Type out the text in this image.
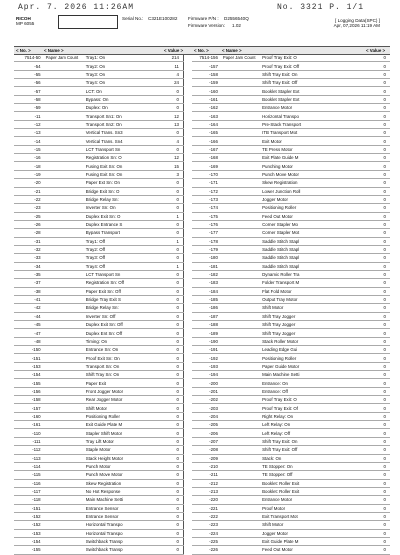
Apr. 7. 2026 11:26AM	No. 3321 P. 1/1
RICOH
MP 6055
Serial No.: C321E100282 Firmware P/N : D2556540Q
Firmware Version: 1.02
[ Logging Data(SPC) ]
Apr, 07,2026 11:19 AM
< No. >	< Name >	< Value > < No. >	< Name >	< Value >
7514-50	Paper Jam Count	Tray1: On	214
-54		Tray2: On	11
-55		Tray3: On	4
-56		Tray4: On	24
-57		LCT: On	0
-58		Bypass: On	0
-59		Duplex: On	0
-11		Transport Sn1: On	12
-12		Transport Sn2: On	13
-13		Vertical Trans. Sn3	0
-14		Vertical Trans. Sn4	4
-15		LCT Transport Sn	0
-16		Registration Sn: O	12
-18		Fusing Exit Sn: On	15
-19		Fusing Exit Sn: On	3
-20		Paper Ext Sn: On	0
-21		Bridge Exit Sn: O	0
-22		Bridge Relay Sn:	0
-23		Inverter Sn: On	0
-25		Duplex Exit Sn: O	1
-26		Duplex Entrance S	0
-28		Bypass Transport	0
-31		Tray1: Off	1
-32		Tray2: Off	0
-33		Tray3: Off	0
-34		Tray4: Off	1
-35		LCT Transport Sn	0
-37		Registration Sn: Off	0
-38		Paper Exit Sn: Off	0
-41		Bridge Tray Exit S	0
-42		Bridge Relay Sn:	0
-44		Inverter Sn: Off	0
-45		Duplex Exit Sn: Off	0
-47		Duplex Ent Sn: Off	0
-48		Timing: On	0
-150		Entrance Sn: On	0
-151		Proof Exit Sn: On	0
-153		Transport Sn: On	0
-154		Shift Tray Sn: On	0
-155		Paper Exit	0
-156		Front Jogger Motor	0
-158		Rear Jogger Motor	0
-157		Shift Motor	0
-160		Positioning Roller	0
-161		Exit Guide Plate M	0
-110		Stapler Shift Motor	0
-111		Tray Lift Motor	0
-112		Staple Motor	0
-113		Stack Height Motor	0
-114		Punch Motor	0
-115		Punch Move Motor	0
-116		Skew Registration	0
-117		No Hot Response	0
-118		Main Machine Setti	0
-151		Entrance Sensor	0
-152		Entrance Sensor	0
-152		Horizontal Transpo	0
-153		Horizontal Transpo	0
-154		Switchback Transp	0
-155		Switchback Transp	0
7514-156	Paper Jam Count	Proof Tray Exit: O	0
-157		Proof Tray Exit: Off	0
-158		Shift Tray Exit: On	0
-159		Shift Tray Exit: Off	0
-160		Booklet Stapler Ext	0
-161		Booklet Stapler Ext	0
-162		Entrance Motor	0
-163		Horizontal Transpo	0
-164		Pre-Stack Transport	0
-165		ITB Transport Mot	0
-166		Exit Motor	0
-167		TE Press Motor	0
-168		Exit Plate Guide M	0
-169		Punching Motor	0
-170		Punch Move Motor	0
-171		Skew Registration	0
-172		Lower Junction Roll	0
-173		Jogger Motor	0
-174		Positioning Roller	0
-175		Feed Out Motor	0
-176		Corner Stapler Mo	0
-177		Corner Stapler Mot	0
-178		Saddle Stitch Stapl	0
-179		Saddle Stitch Stapl	0
-180		Saddle Stitch Stapl	0
-181		Saddle Stitch Stapl	0
-182		Dynamic Roller Tra	0
-183		Folder Transport M	0
-184		Flat Fold Motor	0
-185		Output Tray Motor	0
-186		Shift Motor	0
-187		Shift Tray Jogger	0
-188		Shift Tray Jogger	0
-189		Shift Tray Jogger	0
-190		Stack Roller Motor	0
-191		Leading Edge Gui	0
-192		Positioning Roller	0
-193		Paper Guide Motor	0
-194		Main Machine Setti	0
-200		Entrance: On	0
-201		Entrance: Off	0
-202		Proof Tray Exit: O	0
-203		Proof Tray Exit: Of	0
-204		Right Relay: On	0
-205		Left Relay: On	0
-206		Left Relay: Off	0
-207		Shift Tray Exit: On	0
-208		Shift Tray Exit: Off	0
-209		Stack: On	0
-210		TE Stopper: On	0
-211		TE Stopper: Off	0
-212		Booklet: Roller Exit	0
-213		Booklet: Roller Exit	0
-220		Entrance Motor	0
-221		Proof Motor	0
-222		Exit Transport Mot	0
-223		Shift Motor	0
-224		Jogger Motor	0
-225		Exit Guide Plate M	0
-226		Feed Out Motor	0
